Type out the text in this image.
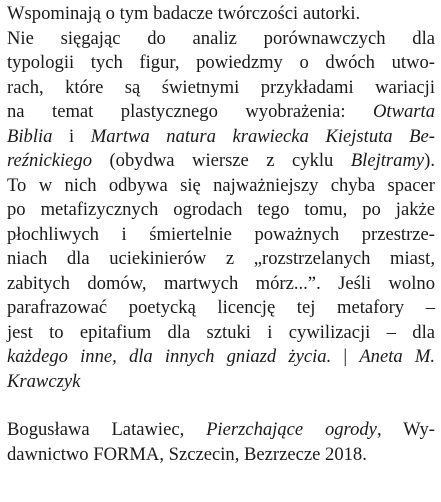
Wspominają o tym badacze twórczości autorki.
Nie sięgając do analiz porównawczych dla
typologii tych figur, powiedzmy o dwóch utwo-
rach, które są świetnymi przykładami wariacji
na temat plastycznego wyobrażenia: Otwarta
Biblia i Martwa natura krawiecka Kiejstuta Be-
reźnickiego (obydwa wiersze z cyklu Blejtramy).
To w nich odbywa się najważniejszy chyba spacer
po metafizycznych ogrodach tego tomu, po jakże
płochliwych i śmiertelnie poważnych przestrze-
niach dla uciekinierów z „rozstrzelanych miast,
zabitych domów, martwych mórz...”. Jeśli wolno
parafrazować poetycką licencję tej metafory –
jest to epitafium dla sztuki i cywilizacji – dla
każdego inne, dla innych gniazd życia. | Aneta M.
Krawczyk
Bogusława Latawiec, Pierzchające ogrody, Wy-
dawnictwo FORMA, Szczecin, Bezrzecze 2018.
